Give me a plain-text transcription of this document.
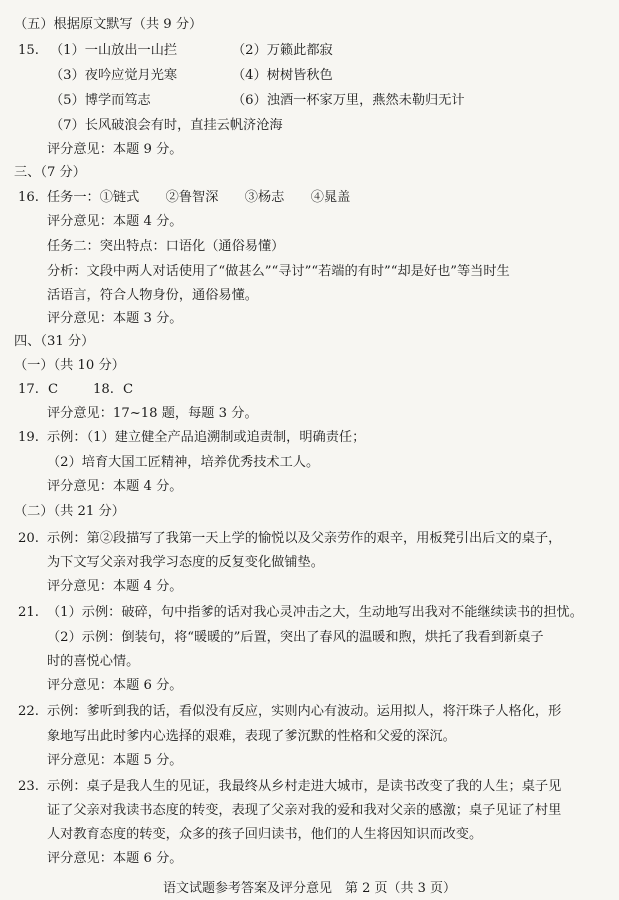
（五）根据原文默写（共 9 分）
15. （1）一山放出一山拦	（2）万籁此都寂
（3）夜吟应觉月光寒	（4）树树皆秋色
（5）博学而笃志	（6）浊酒一杯家万里，燕然未勒归无计
（7）长风破浪会有时，直挂云帆济沧海
评分意见：本题 9 分。
三、（7 分）
16. 任务一：①链式　　②鲁智深　　③杨志　　④晁盖
评分意见：本题 4 分。
任务二：突出特点：口语化（通俗易懂）
分析：文段中两人对话使用了“做甚么”“寻讨”“若端的有时”“却是好也”等当时生
活语言，符合人物身份，通俗易懂。
评分意见：本题 3 分。
四、（31 分）
（一）（共 10 分）
17. C	18. C
评分意见：17~18 题，每题 3 分。
19. 示例：（1）建立健全产品追溯制或追责制，明确责任；
（2）培育大国工匠精神，培养优秀技术工人。
评分意见：本题 4 分。
（二）（共 21 分）
20. 示例：第②段描写了我第一天上学的愉悦以及父亲劳作的艰辛，用板凳引出后文的桌子，
为下文写父亲对我学习态度的反复变化做铺垫。
评分意见：本题 4 分。
21. （1）示例：破碎，句中指爹的话对我心灵冲击之大，生动地写出我对不能继续读书的担忧。
（2）示例：倒装句，将“暖暖的”后置，突出了春风的温暖和煦，烘托了我看到新桌子
时的喜悦心情。
评分意见：本题 6 分。
22. 示例：爹听到我的话，看似没有反应，实则内心有波动。运用拟人，将汗珠子人格化，形
象地写出此时爹内心选择的艰难，表现了爹沉默的性格和父爱的深沉。
评分意见：本题 5 分。
23. 示例：桌子是我人生的见证，我最终从乡村走进大城市，是读书改变了我的人生；桌子见
证了父亲对我读书态度的转变，表现了父亲对我的爱和我对父亲的感激；桌子见证了村里
人对教育态度的转变，众多的孩子回归读书，他们的人生将因知识而改变。
评分意见：本题 6 分。
语文试题参考答案及评分意见　第 2 页（共 3 页）
